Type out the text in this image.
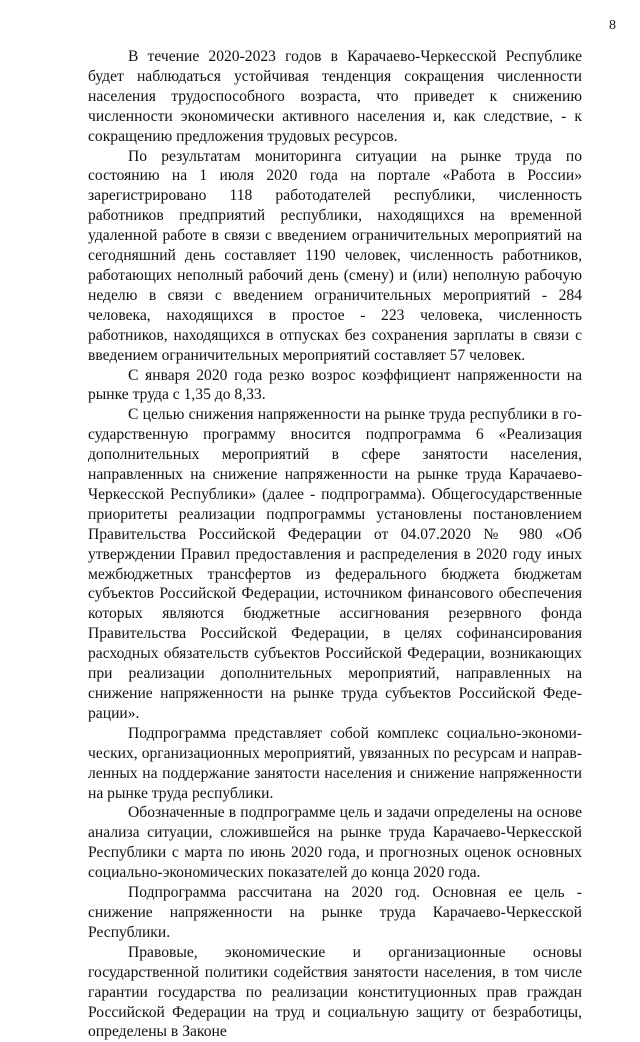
8

В течение 2020-2023 годов в Карачаево-Черкесской Республике будет наблюдаться устойчивая тенденция сокращения численности населения трудоспособного возраста, что приведет к снижению численности экономически активного населения и, как следствие, - к сокращению предложения трудовых ресурсов.

По результатам мониторинга ситуации на рынке труда по состоянию на 1 июля 2020 года на портале «Работа в России» зарегистрировано 118 работодателей республики, численность работников предприятий республики, находящихся на временной удаленной работе в связи с введением ограничительных мероприятий на сегодняшний день составляет 1190 человек, численность работников, работающих неполный рабочий день (смену) и (или) неполную рабочую неделю в связи с введением ограничительных мероприятий - 284 человека, находящихся в простое - 223 человека, численность работников, находящихся в отпусках без сохранения зарплаты в связи с введением ограничительных мероприятий составляет 57 человек.

С января 2020 года резко возрос коэффициент напряженности на рынке труда с 1,35 до 8,33.

С целью снижения напряженности на рынке труда республики в государственную программу вносится подпрограмма 6 «Реализация дополнительных мероприятий в сфере занятости населения, направленных на снижение напряженности на рынке труда Карачаево-Черкесской Республики» (далее - подпрограмма). Общегосударственные приоритеты реализации подпрограммы установлены постановлением Правительства Российской Федерации от 04.07.2020 № 980 «Об утверждении Правил предоставления и распределения в 2020 году иных межбюджетных трансфертов из федерального бюджета бюджетам субъектов Российской Федерации, источником финансового обеспечения которых являются бюджетные ассигнования резервного фонда Правительства Российской Федерации, в целях софинансирования расходных обязательств субъектов Российской Федерации, возникающих при реализации дополнительных мероприятий, направленных на снижение напряженности на рынке труда субъектов Российской Федерации».

Подпрограмма представляет собой комплекс социально-экономических, организационных мероприятий, увязанных по ресурсам и направленных на поддержание занятости населения и снижение напряженности на рынке труда республики.

Обозначенные в подпрограмме цель и задачи определены на основе анализа ситуации, сложившейся на рынке труда Карачаево-Черкесской Республики с марта по июнь 2020 года, и прогнозных оценок основных социально-экономических показателей до конца 2020 года.

Подпрограмма рассчитана на 2020 год. Основная ее цель - снижение напряженности на рынке труда Карачаево-Черкесской Республики.

Правовые, экономические и организационные основы государственной политики содействия занятости населения, в том числе гарантии государства по реализации конституционных прав граждан Российской Федерации на труд и социальную защиту от безработицы, определены в Законе
